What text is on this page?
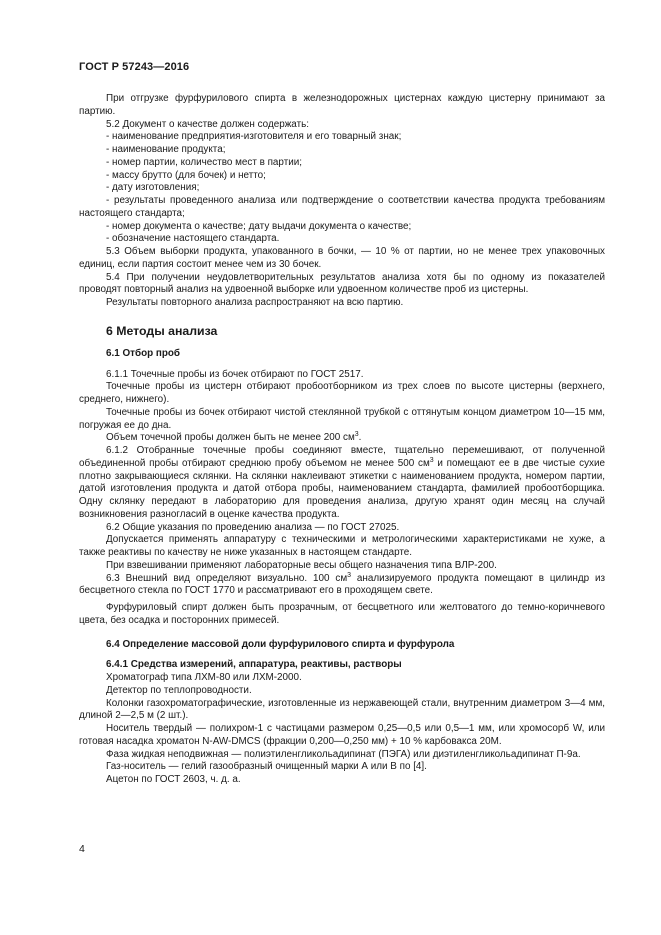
ГОСТ Р 57243—2016

При отгрузке фурфурилового спирта в железнодорожных цистернах каждую цистерну принимают за партию.

5.2 Документ о качестве должен содержать:

- наименование предприятия-изготовителя и его товарный знак;

- наименование продукта;

- номер партии, количество мест в партии;

- массу брутто (для бочек) и нетто;

- дату изготовления;

- результаты проведенного анализа или подтверждение о соответствии качества продукта требованиям настоящего стандарта;

- номер документа о качестве; дату выдачи документа о качестве;

- обозначение настоящего стандарта.

5.3 Объем выборки продукта, упакованного в бочки, — 10 % от партии, но не менее трех упаковочных единиц, если партия состоит менее чем из 30 бочек.

5.4 При получении неудовлетворительных результатов анализа хотя бы по одному из показателей проводят повторный анализ на удвоенной выборке или удвоенном количестве проб из цистерны.

Результаты повторного анализа распространяют на всю партию.

6 Методы анализа
6.1 Отбор проб

6.1.1 Точечные пробы из бочек отбирают по ГОСТ 2517.

Точечные пробы из цистерн отбирают пробоотборником из трех слоев по высоте цистерны (верхнего, среднего, нижнего).

Точечные пробы из бочек отбирают чистой стеклянной трубкой с оттянутым концом диаметром 10—15 мм, погружая ее до дна.

Объем точечной пробы должен быть не менее 200 $см^3$.

6.1.2 Отобранные точечные пробы соединяют вместе, тщательно перемешивают, от полученной объединенной пробы отбирают среднюю пробу объемом не менее 500 $см^3$ и помещают ее в две чистые сухие плотно закрывающиеся склянки. На склянки наклеивают этикетки с наименованием продукта, номером партии, датой изготовления продукта и датой отбора пробы, наименованием стандарта, фамилией пробоотборщика. Одну склянку передают в лабораторию для проведения анализа, другую хранят один месяц на случай возникновения разногласий в оценке качества продукта.

6.2 Общие указания по проведению анализа — по ГОСТ 27025.

Допускается применять аппаратуру с техническими и метрологическими характеристиками не хуже, а также реактивы по качеству не ниже указанных в настоящем стандарте.

При взвешивании применяют лабораторные весы общего назначения типа ВЛР-200.

6.3 Внешний вид определяют визуально. 100 $см^3$ анализируемого продукта помещают в цилиндр из бесцветного стекла по ГОСТ 1770 и рассматривают его в проходящем свете.

Фурфуриловый спирт должен быть прозрачным, от бесцветного или желтоватого до темно-коричневого цвета, без осадка и посторонних примесей.

6.4 Определение массовой доли фурфурилового спирта и фурфурола
6.4.1 Средства измерений, аппаратура, реактивы, растворы

Хроматограф типа ЛХМ-80 или ЛХМ-2000.

Детектор по теплопроводности.

Колонки газохроматографические, изготовленные из нержавеющей стали, внутренним диаметром 3—4 мм, длиной 2—2,5 м (2 шт.).

Носитель твердый — полихром-1 с частицами размером 0,25—0,5 или 0,5—1 мм, или хромосорб W, или готовая насадка хроматон N-AW-DMCS (фракции 0,200—0,250 мм) + 10 % карбовакса 20М.

Фаза жидкая неподвижная — полиэтиленгликольадипинат (ПЭГА) или диэтиленгликольадипинат П-9а.

Газ-носитель — гелий газообразный очищенный марки А или В по [4].

Ацетон по ГОСТ 2603, ч. д. а.

4
